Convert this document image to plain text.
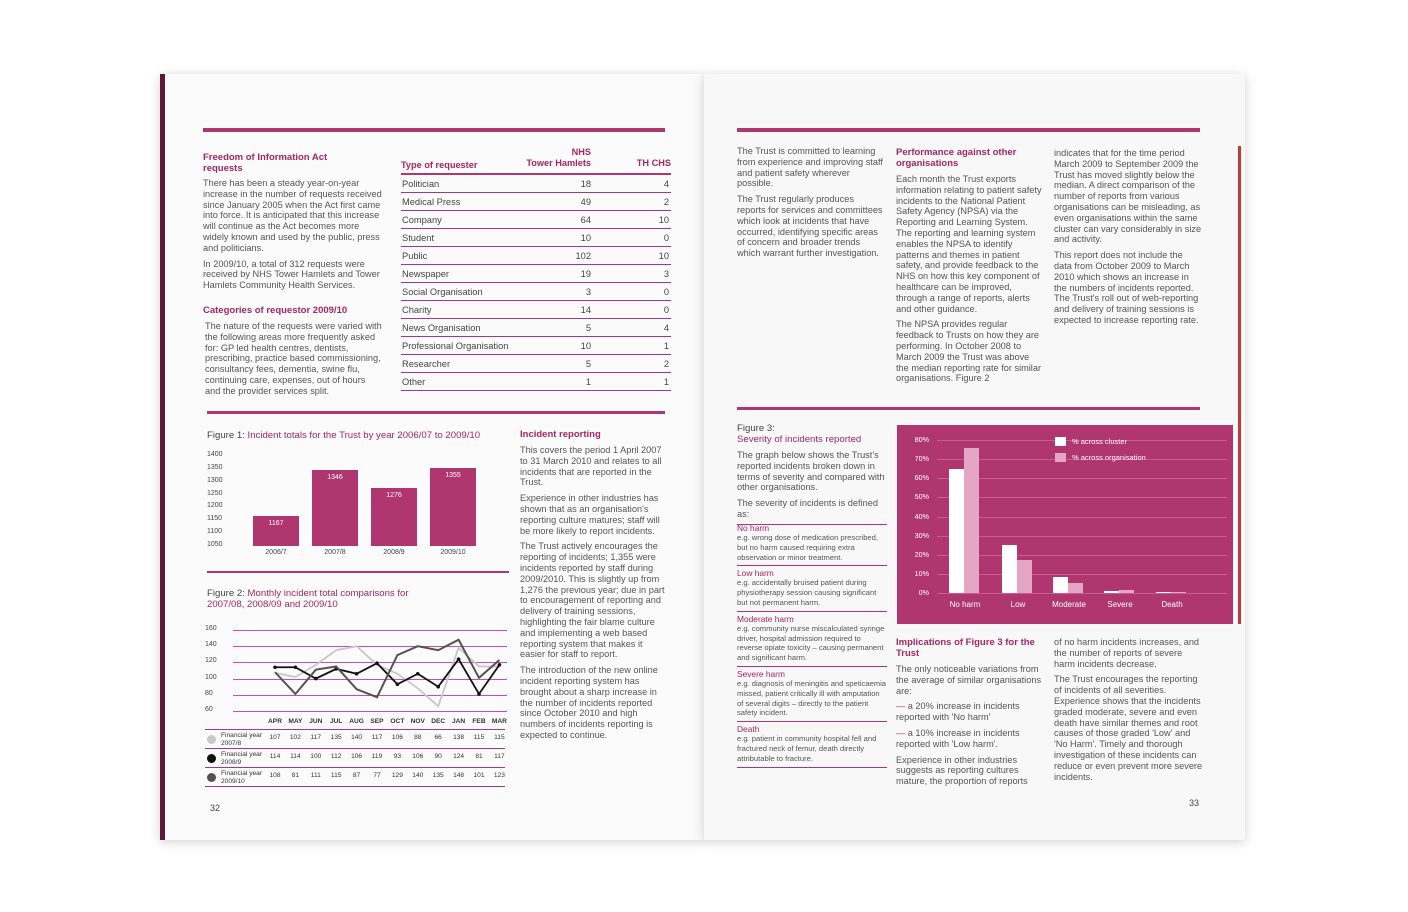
Freedom of Information Act requests

There has been a steady year-on-year increase in the number of requests received since January 2005 when the Act first came into force. It is anticipated that this increase will continue as the Act becomes more widely known and used by the public, press and politicians.

In 2009/10, a total of 312 requests were received by NHS Tower Hamlets and Tower Hamlets Community Health Services.

Categories of requestor 2009/10
The nature of the requests were varied with the following areas more frequently asked for: GP led health centres, dentists, prescribing, practice based commissioning, consultancy fees, dementia, swine flu, continuing care, expenses, out of hours and the provider services split.
Type of requester
NHS
Tower Hamlets	TH CHS
Politician	18	4
Medical Press	49	2
Company	64	10
Student	10	0
Public	102	10
Newspaper	19	3
Social Organisation	3	0
Charity	14	0
News Organisation	5	4
Professional Organisation	10	1
Researcher	5	2
Other	1	1
Figure 1: Incident totals for the Trust by year 2006/07 to 2009/10
1400
1350
1300
1250
1200
1150
1100
1050
1167
2006/7
1346
2007/8
1276
2008/9
1355
2009/10
Figure 2: Monthly incident total comparisons for 2007/08, 2008/09 and 2009/10
160
140
120
100
80
60
APR MAY	JUN	JUL	AUG SEP	OCT NOV DEC	JAN	FEB MAR
Financial year 2007/8
107	102	117	135	140	117	106	88	66	138	115	115
Financial year 2008/9
114	114	100	112	106	119	93	106	90	124	81	117
Financial year 2009/10
108	81	111	115	87	77	129	140	135	148	101	123
Incident reporting

This covers the period 1 April 2007 to 31 March 2010 and relates to all incidents that are reported in the Trust.

Experience in other industries has shown that as an organisation's reporting culture matures; staff will be more likely to report incidents.

The Trust actively encourages the reporting of incidents; 1,355 were incidents reported by staff during 2009/2010. This is slightly up from 1,276 the previous year; due in part to encouragement of reporting and delivery of training sessions, highlighting the fair blame culture and implementing a web based reporting system that makes it easier for staff to report.

The introduction of the new online incident reporting system has brought about a sharp increase in the number of incidents reported since October 2010 and high numbers of incidents reporting is expected to continue.

32

The Trust is committed to learning from experience and improving staff and patient safety wherever possible.

The Trust regularly produces reports for services and committees which look at incidents that have occurred, identifying specific areas of concern and broader trends which warrant further investigation.

Performance against other organisations

Each month the Trust exports information relating to patient safety incidents to the National Patient Safety Agency (NPSA) via the Reporting and Learning System. The reporting and learning system enables the NPSA to identify patterns and themes in patient safety, and provide feedback to the NHS on how this key component of healthcare can be improved, through a range of reports, alerts and other guidance.

The NPSA provides regular feedback to Trusts on how they are performing. In October 2008 to March 2009 the Trust was above the median reporting rate for similar organisations. Figure 2

indicates that for the time period March 2009 to September 2009 the Trust has moved slightly below the median. A direct comparison of the number of reports from various organisations can be misleading, as even organisations within the same cluster can vary considerably in size and activity.

This report does not include the data from October 2009 to March 2010 which shows an increase in the numbers of incidents reported. The Trust's roll out of web-reporting and delivery of training sessions is expected to increase reporting rate.

Figure 3:
Severity of incidents reported

The graph below shows the Trust's reported incidents broken down in terms of severity and compared with other organisations.

The severity of incidents is defined as:

No harm
e.g. wrong dose of medication prescribed, but no harm caused requiring extra observation or minor treatment.
Low harm
e.g. accidentally bruised patient during physiotherapy session causing significant but not permanent harm.
Moderate harm
e.g. community nurse miscalculated syringe driver, hospital admission required to reverse opiate toxicity – causing permanent and significant harm.
Severe harm
e.g. diagnosis of meningitis and speticaemia missed, patient critically ill with amputation of several digits – directly to the patient safety incident.
Death
e.g. patient in community hospital fell and fractured neck of femur, death directly attributable to fracture.
80%
70%
60%
50%
40%
30%
20%
10%
0%
No harm	Low	Moderate	Severe	Death
% across cluster
% across organisation
Implications of Figure 3 for the Trust

The only noticeable variations from the average of similar organisations are:

— a 20% increase in incidents reported with 'No harm'

— a 10% increase in incidents reported with 'Low harm'.

Experience in other industries suggests as reporting cultures mature, the proportion of reports

of no harm incidents increases, and the number of reports of severe harm incidents decrease.

The Trust encourages the reporting of incidents of all severities. Experience shows that the incidents graded moderate, severe and even death have similar themes and root causes of those graded 'Low' and 'No Harm'. Timely and thorough investigation of these incidents can reduce or even prevent more severe incidents.

33
